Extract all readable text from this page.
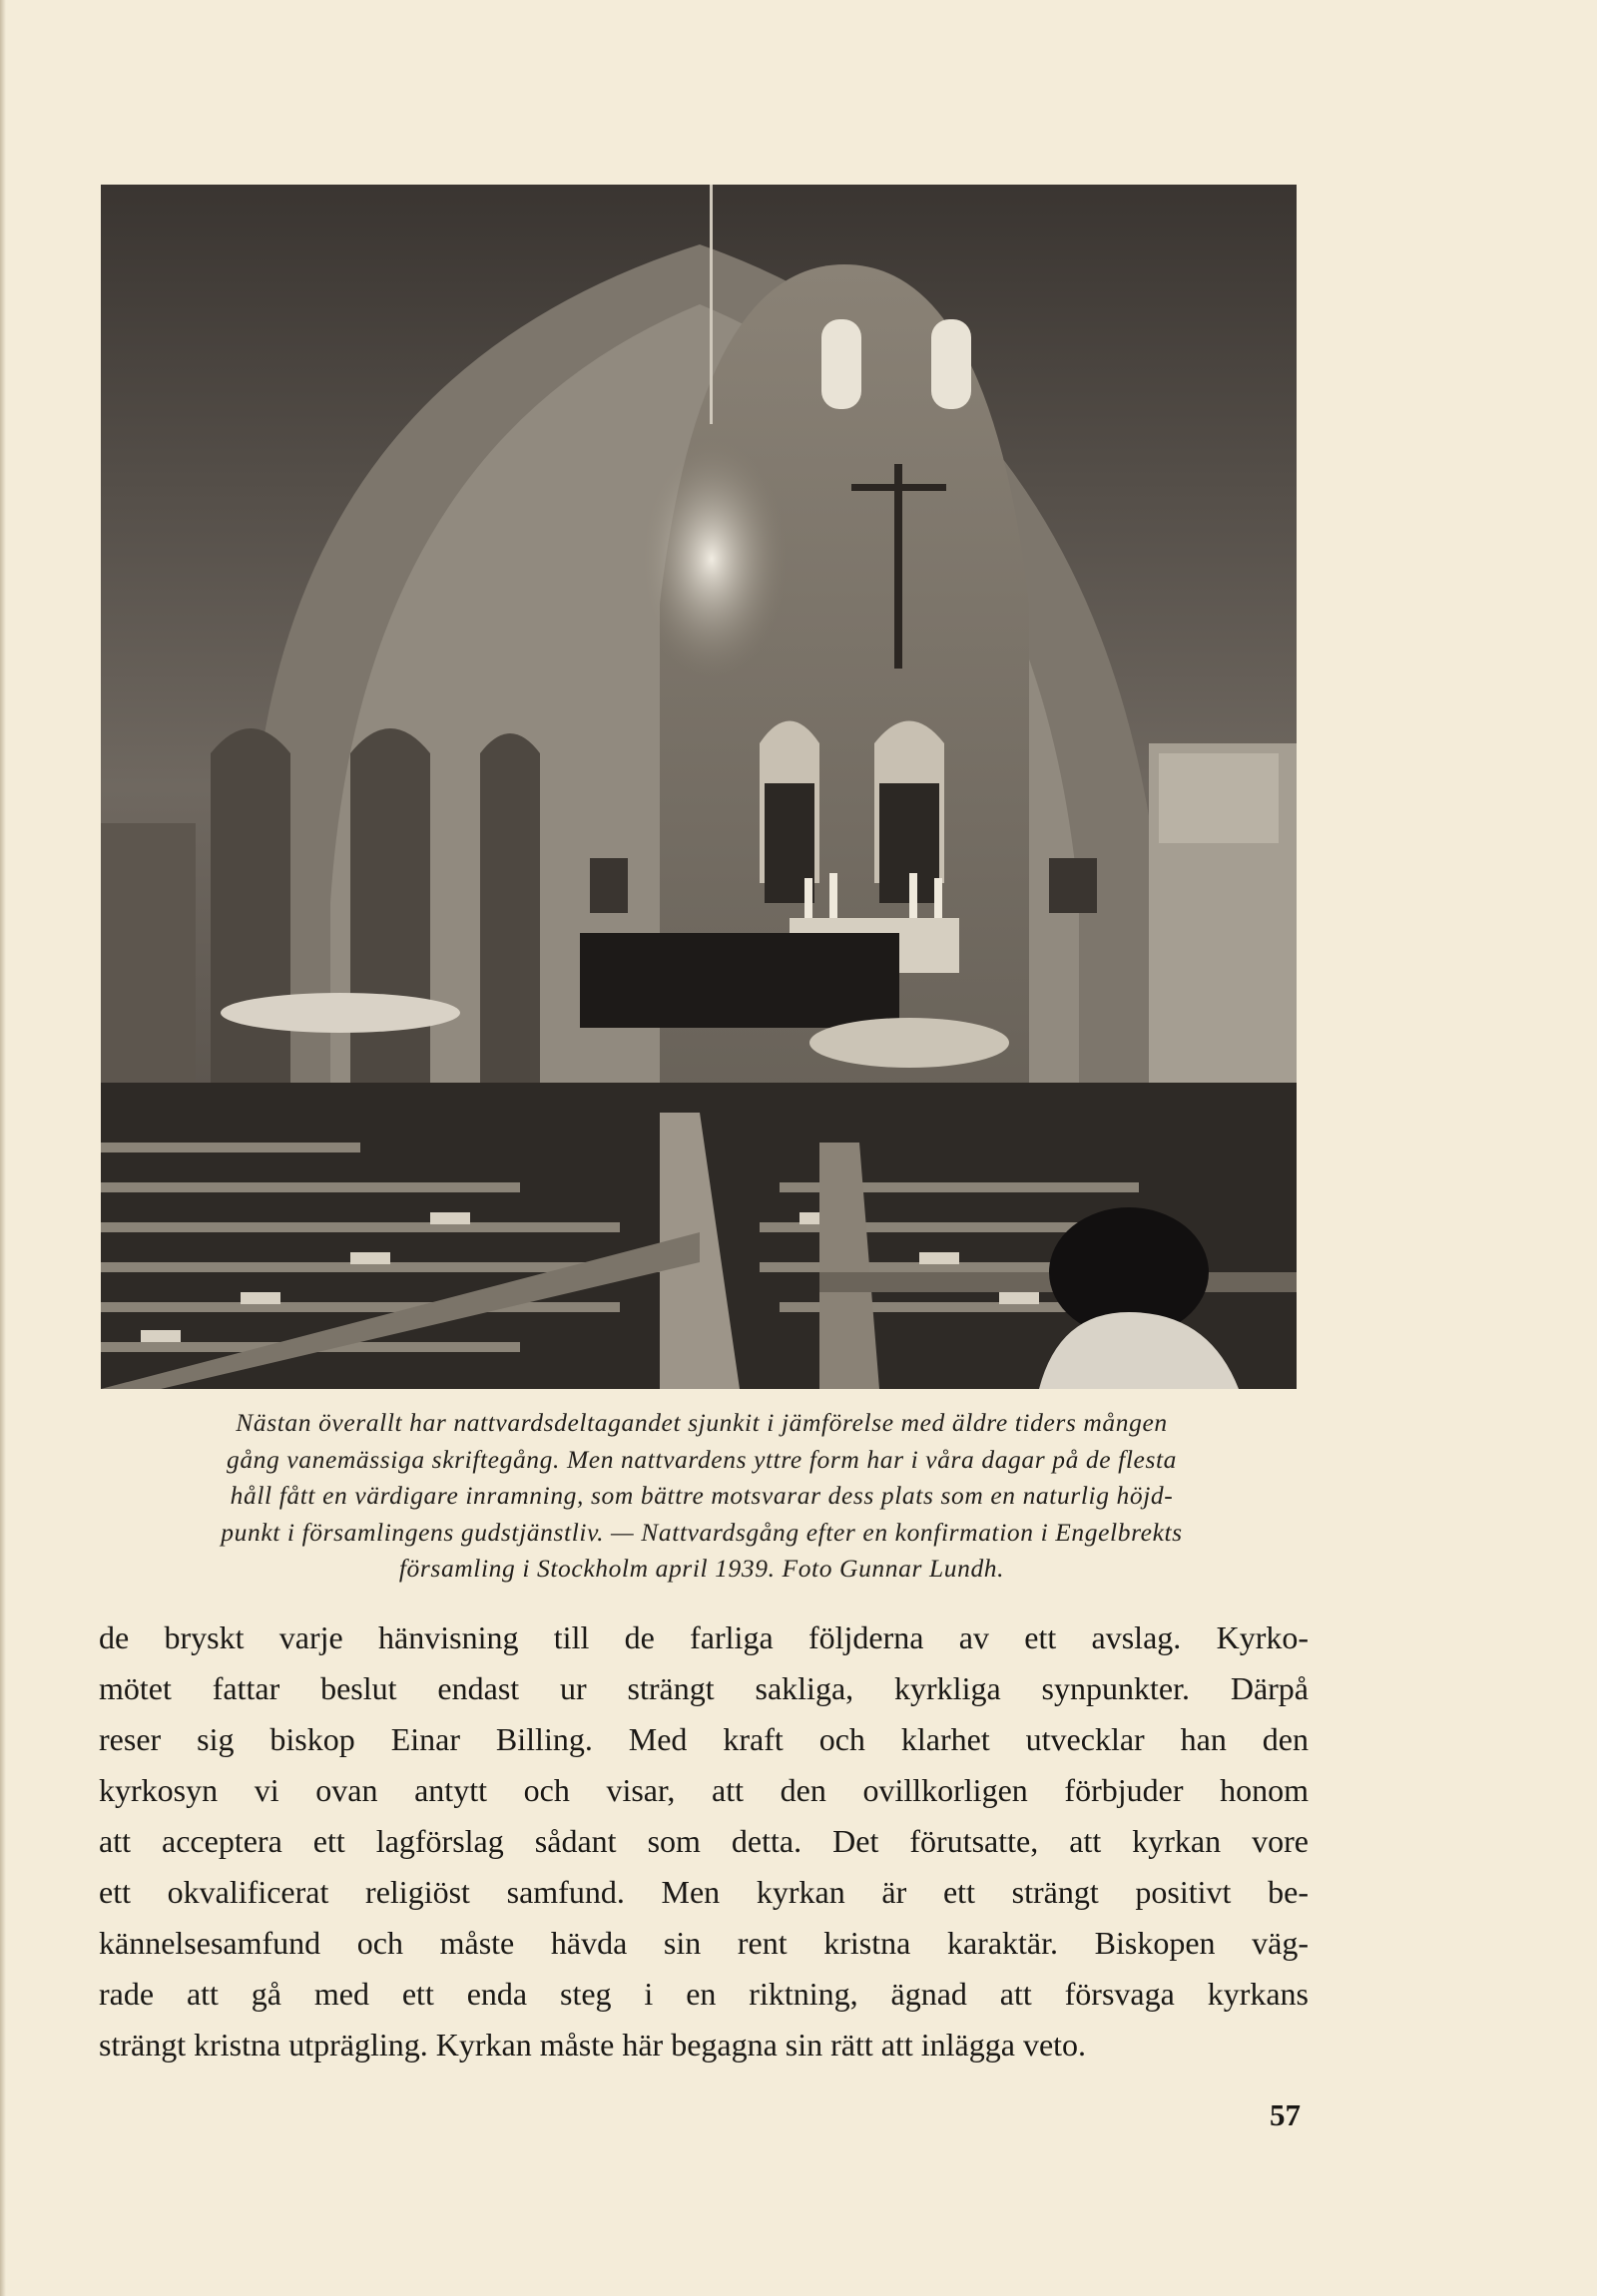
Nästan överallt har nattvardsdeltagandet sjunkit i jämförelse med äldre tiders mången
gång vanemässiga skriftegång. Men nattvardens yttre form har i våra dagar på de flesta
håll fått en värdigare inramning, som bättre motsvarar dess plats som en naturlig höjd-
punkt i församlingens gudstjänstliv. — Nattvardsgång efter en konfirmation i Engelbrekts
församling i Stockholm april 1939. Foto Gunnar Lundh.
de bryskt varje hänvisning till de farliga följderna av ett avslag. Kyrko-
mötet fattar beslut endast ur strängt sakliga, kyrkliga synpunkter. Därpå
reser sig biskop Einar Billing. Med kraft och klarhet utvecklar han den
kyrkosyn vi ovan antytt och visar, att den ovillkorligen förbjuder honom
att acceptera ett lagförslag sådant som detta. Det förutsatte, att kyrkan vore
ett okvalificerat religiöst samfund. Men kyrkan är ett strängt positivt be-
kännelsesamfund och måste hävda sin rent kristna karaktär. Biskopen väg-
rade att gå med ett enda steg i en riktning, ägnad att försvaga kyrkans
strängt kristna utprägling. Kyrkan måste här begagna sin rätt att inlägga veto.
57
